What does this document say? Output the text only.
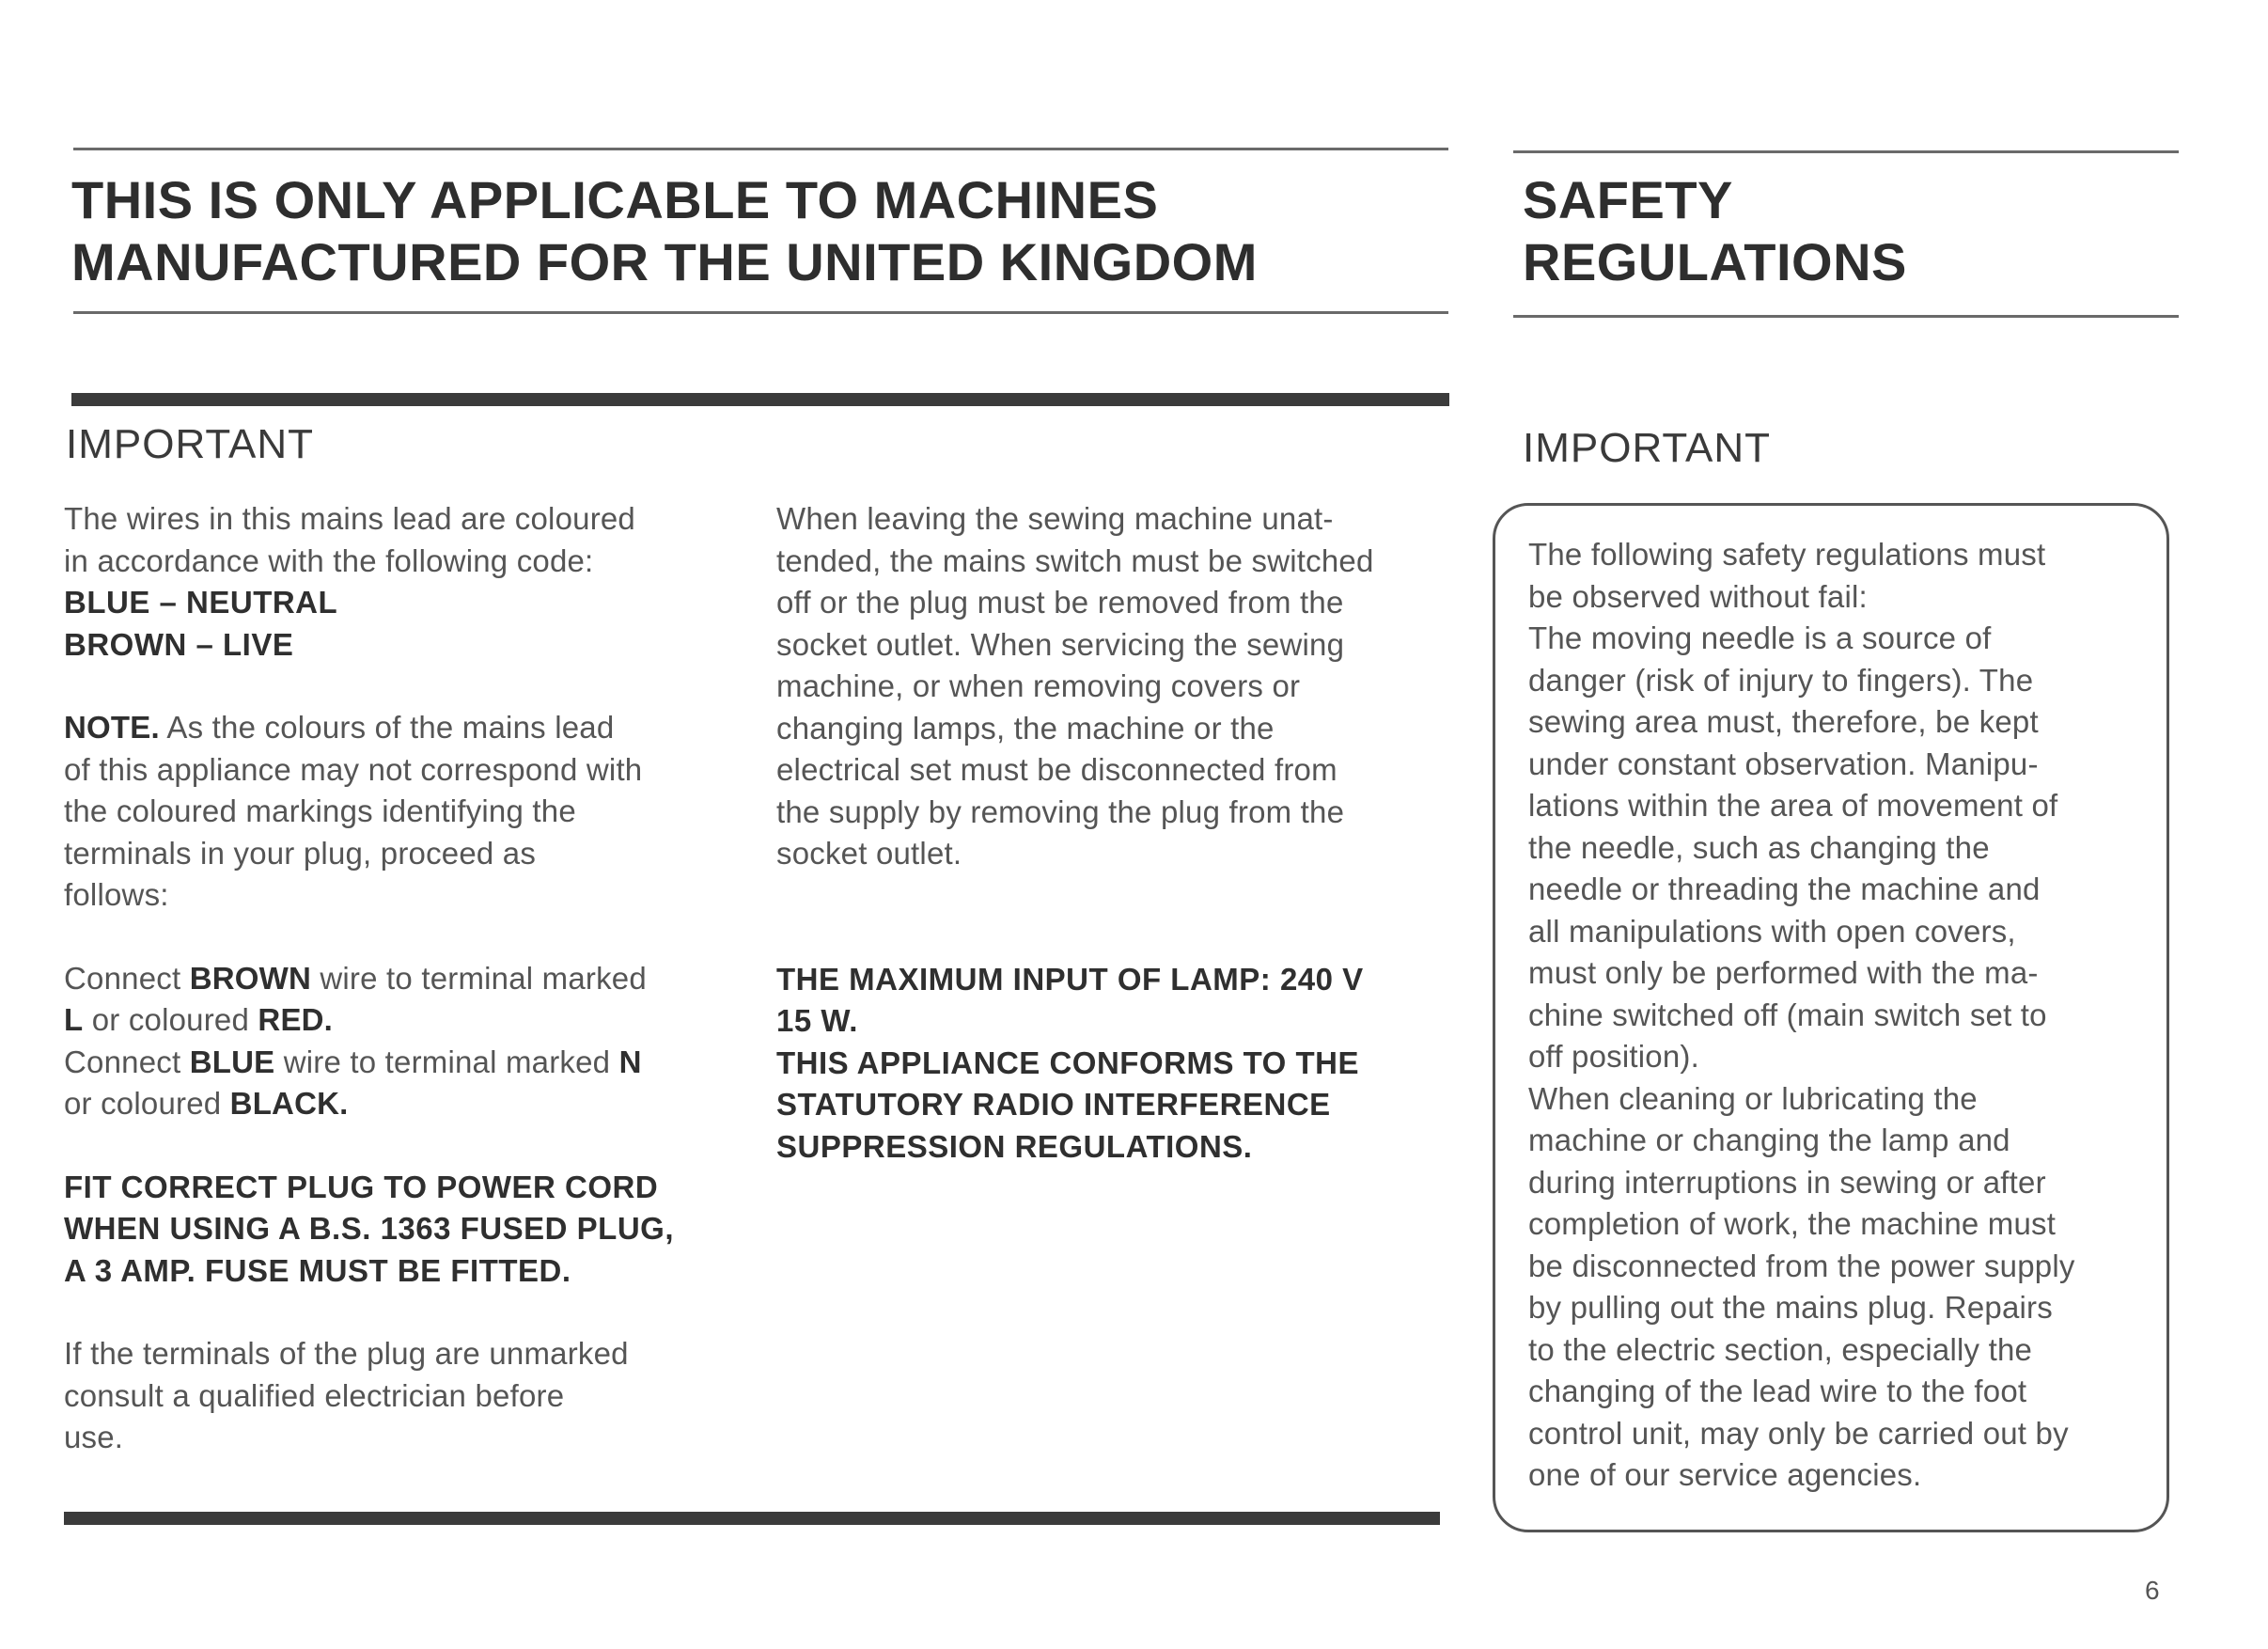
THIS IS ONLY APPLICABLE TO MACHINES
MANUFACTURED FOR THE UNITED KINGDOM
IMPORTANT

The wires in this mains lead are coloured

in accordance with the following code:

BLUE – NEUTRAL

BROWN – LIVE

NOTE. As the colours of the mains lead

of this appliance may not correspond with

the coloured markings identifying the

terminals in your plug, proceed as

follows:

Connect BROWN wire to terminal marked

L or coloured RED.

Connect BLUE wire to terminal marked N

or coloured BLACK.

FIT CORRECT PLUG TO POWER CORD

WHEN USING A B.S. 1363 FUSED PLUG,

A 3 AMP. FUSE MUST BE FITTED.

If the terminals of the plug are unmarked

consult a qualified electrician before

use.

When leaving the sewing machine unat-

tended, the mains switch must be switched

off or the plug must be removed from the

socket outlet. When servicing the sewing

machine, or when removing covers or

changing lamps, the machine or the

electrical set must be disconnected from

the supply by removing the plug from the

socket outlet.

THE MAXIMUM INPUT OF LAMP: 240 V

15 W.

THIS APPLIANCE CONFORMS TO THE

STATUTORY RADIO INTERFERENCE

SUPPRESSION REGULATIONS.

SAFETY
REGULATIONS
IMPORTANT

The following safety regulations must

be observed without fail:

The moving needle is a source of

danger (risk of injury to fingers). The

sewing area must, therefore, be kept

under constant observation. Manipu-

lations within the area of movement of

the needle, such as changing the

needle or threading the machine and

all manipulations with open covers,

must only be performed with the ma-

chine switched off (main switch set to

off position).

When cleaning or lubricating the

machine or changing the lamp and

during interruptions in sewing or after

completion of work, the machine must

be disconnected from the power supply

by pulling out the mains plug. Repairs

to the electric section, especially the

changing of the lead wire to the foot

control unit, may only be carried out by

one of our service agencies.

6
